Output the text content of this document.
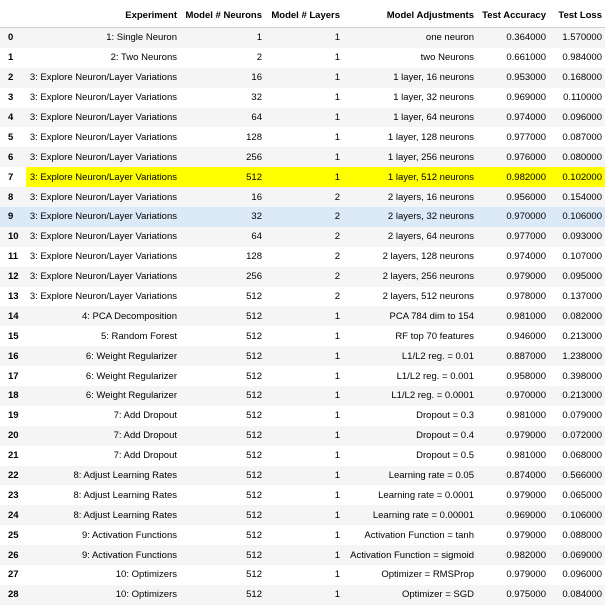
	Experiment	Model # Neurons	Model # Layers	Model Adjustments	Test Accuracy	Test Loss
0	1: Single Neuron	1	1	one neuron	0.364000	1.570000
1	2: Two Neurons	2	1	two Neurons	0.661000	0.984000
2	3: Explore Neuron/Layer Variations	16	1	1 layer, 16 neurons	0.953000	0.168000
3	3: Explore Neuron/Layer Variations	32	1	1 layer, 32 neurons	0.969000	0.110000
4	3: Explore Neuron/Layer Variations	64	1	1 layer, 64 neurons	0.974000	0.096000
5	3: Explore Neuron/Layer Variations	128	1	1 layer, 128 neurons	0.977000	0.087000
6	3: Explore Neuron/Layer Variations	256	1	1 layer, 256 neurons	0.976000	0.080000
7	3: Explore Neuron/Layer Variations	512	1	1 layer, 512 neurons	0.982000	0.102000
8	3: Explore Neuron/Layer Variations	16	2	2 layers, 16 neurons	0.956000	0.154000
9	3: Explore Neuron/Layer Variations	32	2	2 layers, 32 neurons	0.970000	0.106000
10	3: Explore Neuron/Layer Variations	64	2	2 layers, 64 neurons	0.977000	0.093000
11	3: Explore Neuron/Layer Variations	128	2	2 layers, 128 neurons	0.974000	0.107000
12	3: Explore Neuron/Layer Variations	256	2	2 layers, 256 neurons	0.979000	0.095000
13	3: Explore Neuron/Layer Variations	512	2	2 layers, 512 neurons	0.978000	0.137000
14	4: PCA Decomposition	512	1	PCA 784 dim to 154	0.981000	0.082000
15	5: Random Forest	512	1	RF top 70 features	0.946000	0.213000
16	6: Weight Regularizer	512	1	L1/L2 reg. = 0.01	0.887000	1.238000
17	6: Weight Regularizer	512	1	L1/L2 reg. = 0.001	0.958000	0.398000
18	6: Weight Regularizer	512	1	L1/L2 reg. = 0.0001	0.970000	0.213000
19	7: Add Dropout	512	1	Dropout = 0.3	0.981000	0.079000
20	7: Add Dropout	512	1	Dropout = 0.4	0.979000	0.072000
21	7: Add Dropout	512	1	Dropout = 0.5	0.981000	0.068000
22	8: Adjust Learning Rates	512	1	Learning rate = 0.05	0.874000	0.566000
23	8: Adjust Learning Rates	512	1	Learning rate = 0.0001	0.979000	0.065000
24	8: Adjust Learning Rates	512	1	Learning rate = 0.00001	0.969000	0.106000
25	9: Activation Functions	512	1	Activation Function = tanh	0.979000	0.088000
26	9: Activation Functions	512	1	Activation Function = sigmoid	0.982000	0.069000
27	10: Optimizers	512	1	Optimizer = RMSProp	0.979000	0.096000
28	10: Optimizers	512	1	Optimizer = SGD	0.975000	0.084000
